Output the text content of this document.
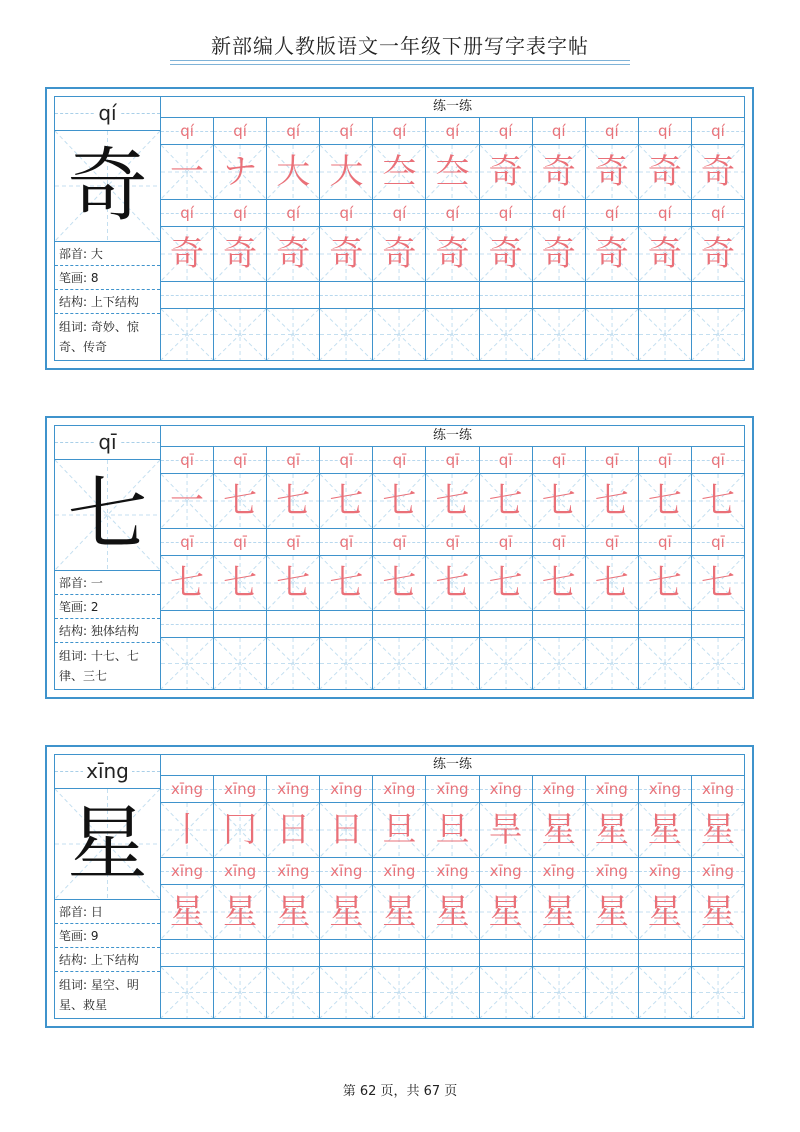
新部编人教版语文一年级下册写字表字帖
qí
奇
部首: 大
笔画: 8
结构: 上下结构
组词: 奇妙、惊奇、传奇
练一练
qí
一
qí
奇
qí
ナ
qí
奇
qí
大
qí
奇
qí
大
qí
奇
qí
夳
qí
奇
qí
夳
qí
奇
qí
奇
qí
奇
qí
奇
qí
奇
qí
奇
qí
奇
qí
奇
qí
奇
qí
奇
qí
奇
qī
七
部首: 一
笔画: 2
结构: 独体结构
组词: 十七、七律、三七
练一练
qī
一
qī
七
qī
七
qī
七
qī
七
qī
七
qī
七
qī
七
qī
七
qī
七
qī
七
qī
七
qī
七
qī
七
qī
七
qī
七
qī
七
qī
七
qī
七
qī
七
qī
七
qī
七
xīng
星
部首: 日
笔画: 9
结构: 上下结构
组词: 星空、明星、救星
练一练
xīng
丨
xīng
星
xīng
冂
xīng
星
xīng
日
xīng
星
xīng
日
xīng
星
xīng
旦
xīng
星
xīng
旦
xīng
星
xīng
旱
xīng
星
xīng
星
xīng
星
xīng
星
xīng
星
xīng
星
xīng
星
xīng
星
xīng
星
第 62 页，共 67 页
